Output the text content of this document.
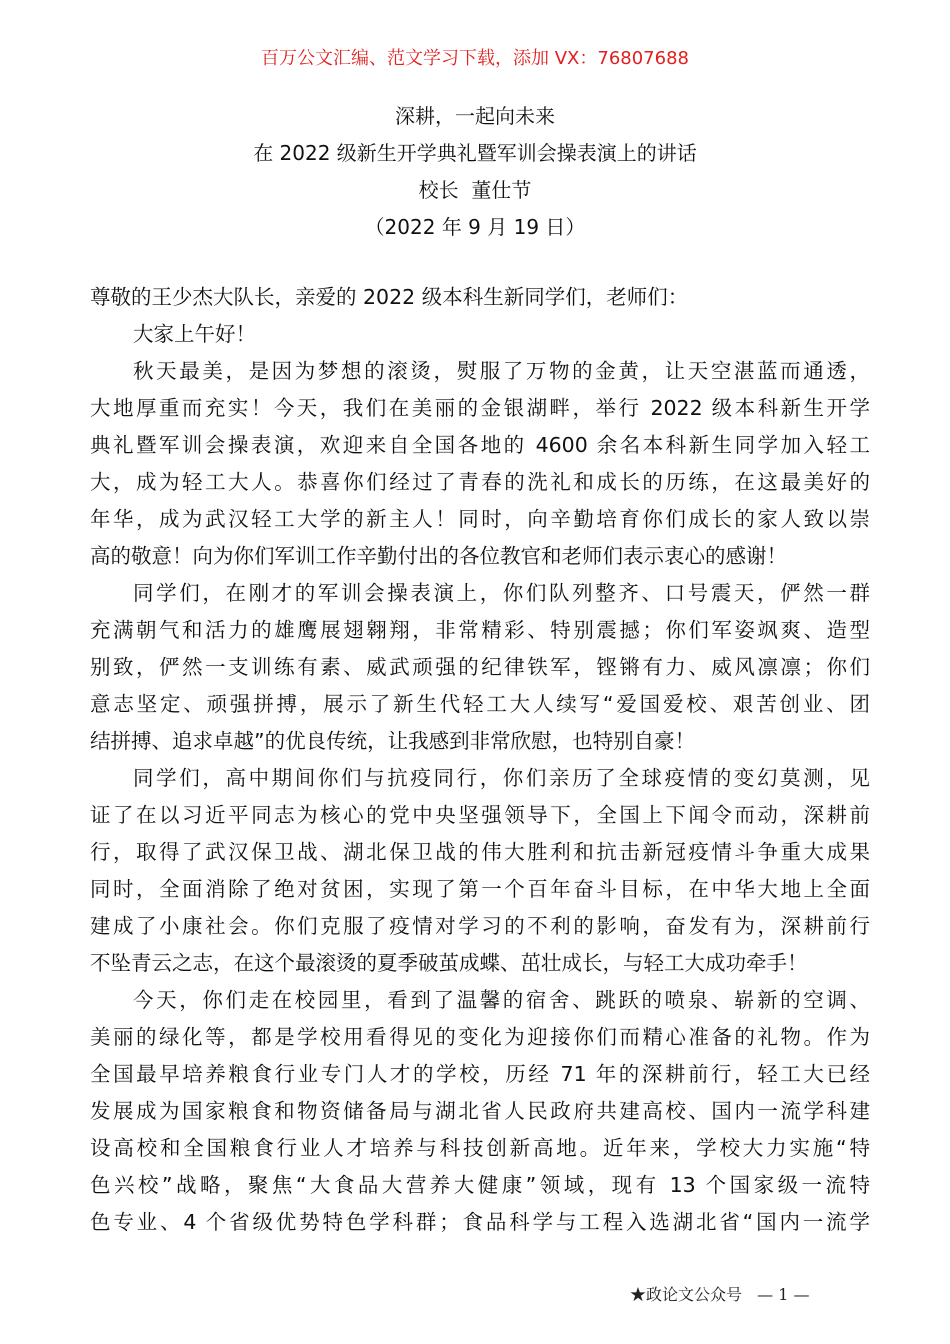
百万公文汇编、范文学习下载，添加 VX：76807688
深耕，一起向未来
在 2022 级新生开学典礼暨军训会操表演上的讲话
校长  董仕节
（2022 年 9 月 19 日）
尊敬的王少杰大队长，亲爱的 2022 级本科生新同学们，老师们：
大家上午好！
秋天最美，是因为梦想的滚烫，熨服了万物的金黄，让天空湛蓝而通透，
大地厚重而充实！今天，我们在美丽的金银湖畔，举行 2022 级本科新生开学
典礼暨军训会操表演，欢迎来自全国各地的 4600 余名本科新生同学加入轻工
大，成为轻工大人。恭喜你们经过了青春的洗礼和成长的历练，在这最美好的
年华，成为武汉轻工大学的新主人！同时，向辛勤培育你们成长的家人致以崇
高的敬意！向为你们军训工作辛勤付出的各位教官和老师们表示衷心的感谢！
同学们，在刚才的军训会操表演上，你们队列整齐、口号震天，俨然一群
充满朝气和活力的雄鹰展翅翱翔，非常精彩、特别震撼；你们军姿飒爽、造型
别致，俨然一支训练有素、威武顽强的纪律铁军，铿锵有力、威风凛凛；你们
意志坚定、顽强拼搏，展示了新生代轻工大人续写“爱国爱校、艰苦创业、团
结拼搏、追求卓越”的优良传统，让我感到非常欣慰，也特别自豪！
同学们，高中期间你们与抗疫同行，你们亲历了全球疫情的变幻莫测，见
证了在以习近平同志为核心的党中央坚强领导下，全国上下闻令而动，深耕前
行，取得了武汉保卫战、湖北保卫战的伟大胜利和抗击新冠疫情斗争重大成果
同时，全面消除了绝对贫困，实现了第一个百年奋斗目标，在中华大地上全面
建成了小康社会。你们克服了疫情对学习的不利的影响，奋发有为，深耕前行
不坠青云之志，在这个最滚烫的夏季破茧成蝶、茁壮成长，与轻工大成功牵手！
今天，你们走在校园里，看到了温馨的宿舍、跳跃的喷泉、崭新的空调、
美丽的绿化等，都是学校用看得见的变化为迎接你们而精心准备的礼物。作为
全国最早培养粮食行业专门人才的学校，历经 71 年的深耕前行，轻工大已经
发展成为国家粮食和物资储备局与湖北省人民政府共建高校、国内一流学科建
设高校和全国粮食行业人才培养与科技创新高地。近年来，学校大力实施“特
色兴校”战略，聚焦“大食品大营养大健康”领域，现有 13 个国家级一流特
色专业、4 个省级优势特色学科群；食品科学与工程入选湖北省“国内一流学
★政论文公众号 — 1 —
